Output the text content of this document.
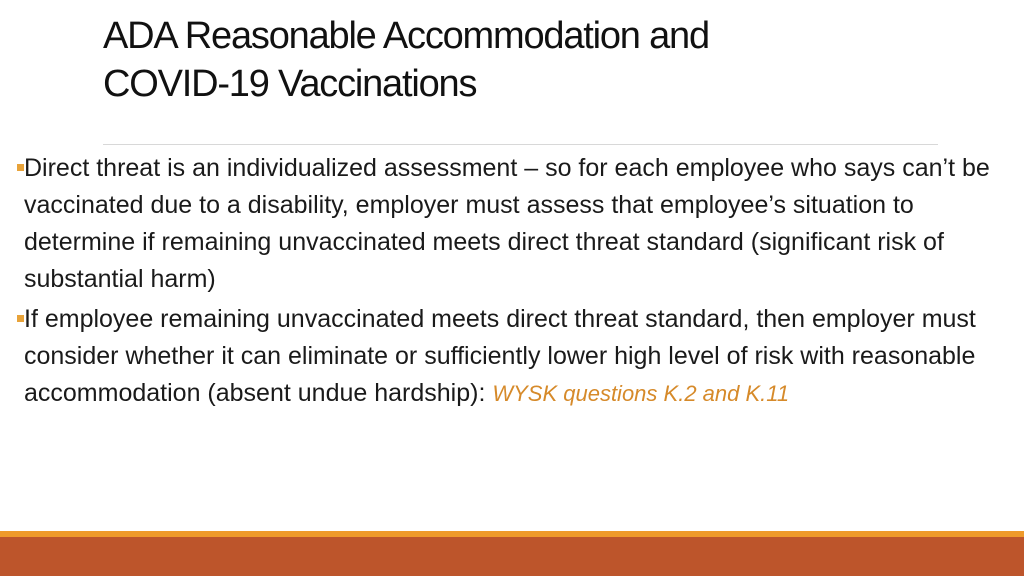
ADA Reasonable Accommodation and
COVID-19 Vaccinations
Direct threat is an individualized assessment – so for each employee who says can’t be vaccinated due to a disability, employer must assess that employee’s situation to determine if remaining unvaccinated meets direct threat standard (significant risk of substantial harm)
If employee remaining unvaccinated meets direct threat standard, then employer must consider whether it can eliminate or sufficiently lower high level of risk with reasonable accommodation (absent undue hardship): WYSK questions K.2 and K.11
